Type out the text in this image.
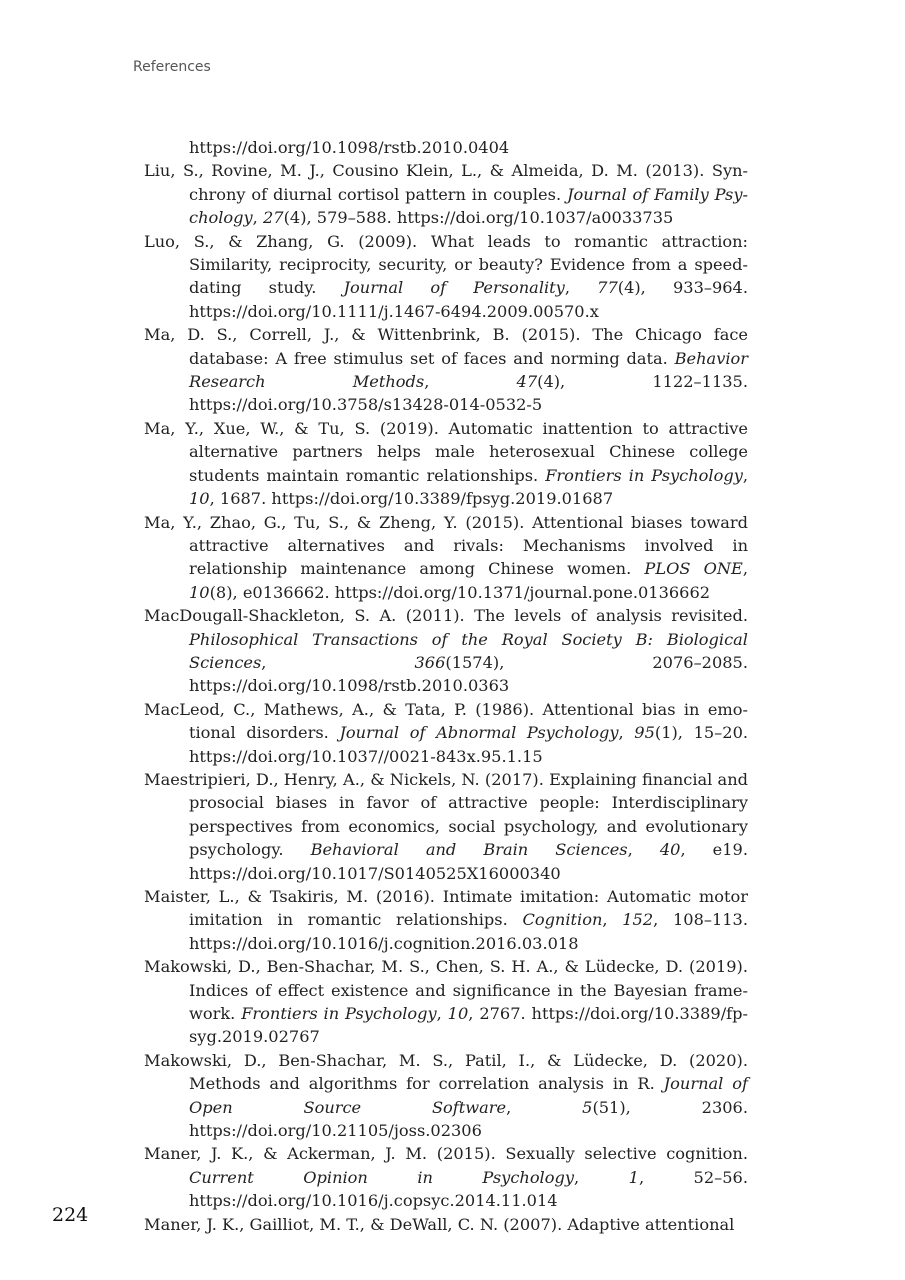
References

https://doi.org/10.1098/rstb.2010.0404

Liu, S., Rovine, M. J., Cousino Klein, L., & Almeida, D. M. (2013). Synchrony of diurnal cortisol pattern in couples. Journal of Family Psychology, 27(4), 579–588. https://doi.org/10.1037/a0033735

Luo, S., & Zhang, G. (2009). What leads to romantic attraction: Similarity, reciprocity, security, or beauty? Evidence from a speed-dating study. Journal of Personality, 77(4), 933–964. https://doi.org/10.1111/j.1467-6494.2009.00570.x

Ma, D. S., Correll, J., & Wittenbrink, B. (2015). The Chicago face database: A free stimulus set of faces and norming data. Behavior Research Methods, 47(4), 1122–1135. https://doi.org/10.3758/s13428-014-0532-5

Ma, Y., Xue, W., & Tu, S. (2019). Automatic inattention to attractive alternative partners helps male heterosexual Chinese college students maintain romantic relationships. Frontiers in Psychology, 10, 1687. https://doi.org/10.3389/fpsyg.2019.01687

Ma, Y., Zhao, G., Tu, S., & Zheng, Y. (2015). Attentional biases toward attractive alternatives and rivals: Mechanisms involved in relationship maintenance among Chinese women. PLOS ONE, 10(8), e0136662. https://doi.org/10.1371/journal.pone.0136662

MacDougall-Shackleton, S. A. (2011). The levels of analysis revisited. Philosophical Transactions of the Royal Society B: Biological Sciences, 366(1574), 2076–2085. https://doi.org/10.1098/rstb.2010.0363

MacLeod, C., Mathews, A., & Tata, P. (1986). Attentional bias in emotional disorders. Journal of Abnormal Psychology, 95(1), 15–20. https://doi.org/10.1037//0021-843x.95.1.15

Maestripieri, D., Henry, A., & Nickels, N. (2017). Explaining financial and prosocial biases in favor of attractive people: Interdisciplinary perspectives from economics, social psychology, and evolutionary psychology. Behavioral and Brain Sciences, 40, e19. https://doi.org/10.1017/S0140525X16000340

Maister, L., & Tsakiris, M. (2016). Intimate imitation: Automatic motor imitation in romantic relationships. Cognition, 152, 108–113. https://doi.org/10.1016/j.cognition.2016.03.018

Makowski, D., Ben-Shachar, M. S., Chen, S. H. A., & Lüdecke, D. (2019). Indices of effect existence and significance in the Bayesian framework. Frontiers in Psychology, 10, 2767. https://doi.org/10.3389/fpsyg.2019.02767

Makowski, D., Ben-Shachar, M. S., Patil, I., & Lüdecke, D. (2020). Methods and algorithms for correlation analysis in R. Journal of Open Source Software, 5(51), 2306. https://doi.org/10.21105/joss.02306

Maner, J. K., & Ackerman, J. M. (2015). Sexually selective cognition. Current Opinion in Psychology, 1, 52–56. https://doi.org/10.1016/j.copsyc.2014.11.014

Maner, J. K., Gailliot, M. T., & DeWall, C. N. (2007). Adaptive attentional

224
